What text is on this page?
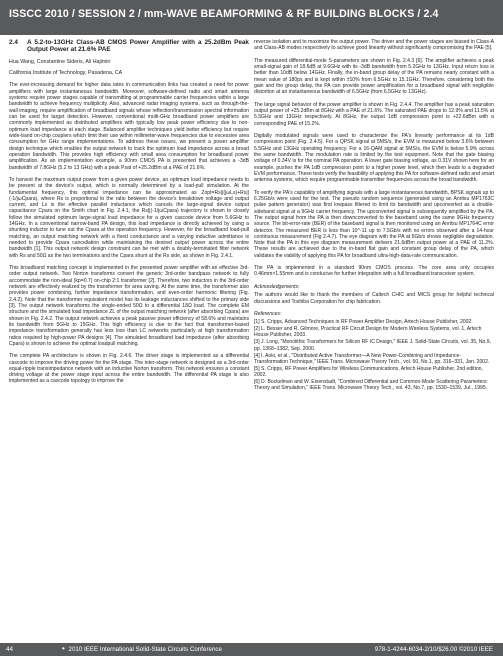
ISSCC 2010 / SESSION 2 / mm-WAVE BEAMFORMING & RF BUILDING BLOCKS / 2.4
2.4	A 5.2-to-13GHz Class-AB CMOS Power Amplifier with a 25.2dBm Peak Output Power at 21.6% PAE
Hua Wang, Constantine Sideris, Ali Hajimiri
California Institute of Technology, Pasadena, CA

The ever-increasing demand for higher data rates in communication links has created a need for power amplifiers with large instantaneous bandwidth. Moreover, software-defined radio and smart antenna systems require power stages capable of transmitting at programmable carrier frequencies within a large bandwidth to achieve frequency multiplicity. Also, advanced radar imaging systems, such as through-the-wall imaging, require amplification of broadband signals whose reflection/transmission spectral information can be used for target detection. However, conventional multi-GHz broadband power amplifiers are commonly implemented as distributed amplifiers with typically low peak power efficiency due to non-optimum load impedance at each stage. Balanced amplifier techniques yield better efficiency but require wide-band on-chip couplers which limit their use within millimeter-wave frequencies due to excessive area consumption for GHz range implementations. To address these issues, we present a power amplifier design technique which enables the output network to track the optimum load impedance across a broad operation bandwidth. This provides high efficiency with small area consumption for broadband power amplification. As an implementation example, a 90nm CMOS PA is presented that achieves a -3dB bandwidth of 7.8GHz (5.2 to 13 GHz) with a peak Psat of +25.2dBm at a PAE of 21.6%.

To harvest the maximum output power from a given power device, an optimum load impedance needs to be present at the device's output, which is normally determined by a load-pull simulation. At the fundamental frequency, this optimal impedance can be approximated as Zopt=Rs||(jωLs)+Rs||(-1/jωCpara), where Rs is proportional to the ratio between the device's breakdown voltage and output current, and Ls is the effective parallel inductance which cancels the large-signal device output capacitance Cpara on the Smith chart in Fig. 2.4.1, the Rs||(-1/jωCpara) trajectory is shown to closely follow the simulated optimum large-signal load impedance for a given cascode device from 5.6GHz to 14GHz. In a conventional narrow-band PA design, this load impedance is directly achieved by using a shunting inductor to tune out the Cpara at the operation frequency. However, for the broadband load-pull matching, an output matching network with a fixed conductance and a varying inductive admittance is needed to provide Cpara cancellation while maintaining the desired output power across the entire bandwidth [1]. This output network design constraint can be met with a doubly-terminated filter network with Rs and 50Ω as the two terminations and the Cpara shunt at the Rs side, as shown in Fig. 2.4.1.

This broadband matching concept is implemented in the presented power amplifier with an effective 3rd-order output network. Two Norton transforms convert the generic 3rd-order bandpass network to fully accommodate the non-ideal (kp=0.7) on-chip 2:1 transformer [2]. Therefore, two inductors in the 3rd-order network are effectively realized by the transformer for area saving. At the same time, the transformer also provides power combining, further impedance transformation, and even-order harmonic filtering (Fig. 2.4.2). Note that the transformer equivalent model has its leakage inductances shifted to the primary side [3]. The output network transforms the single-ended 50Ω to a differential 18Ω load. The complete EM structure and the simulated load impedance ZL of the output matching network (after absorbing Cpara) are shown in Fig. 2.4.2. The output network achieves a peak passive power efficiency of 58.6% and maintains its bandwidth from 5GHz to 15GHz. This high efficiency is due to the fact that transformer-based impedance transformation generally has less loss than LC networks particularly at high transformation ratios required by high-power PA designs [4]. The simulated broadband load impedance (after absorbing Cpara) is shown to achieve the optimal loadpull matching.

The complete PA architecture is shown in Fig. 2.4.6. The driver stage is implemented as a differential cascode to improve the driving power for the PA stage. The inter-stage network is designed as a 3rd-order equal-ripple transimpedance network with an inductive Norton transform. This network ensures a constant driving voltage at the power stage input across the entire bandwidth. The differential PA stage is also implemented as a cascode topology to improve the

reverse isolation and to maximize the output power. The driver and the power stages are biased in Class-A and Class-AB modes respectively to achieve good linearity without significantly compromising the PAE [5].

The measured differential-mode S-parameters are shown in Fig. 2.4.3 [6]. The amplifier achieves a peak small-signal gain of 18.6dB at 9.6GHz with its -3dB bandwidth from 5.2GHz to 13GHz. Input return loss is better than 10dB below 14GHz. Finally, the in-band group delay of the PA remains nearly constant with a mean value of 180ps and is kept within ±10% from 6.5GHz to 15.1GHz. Therefore, considering both the gain and the group delay, the PA can provide power amplification for a broadband signal with negligible distortion at an instantaneous bandwidth of 6.5GHz (from 6.5GHz to 13GHz).

The large signal behavior of the power amplifier is shown in Fig. 2.4.4. The amplifier has a peak saturation output power of +25.2dBm at 8GHz with a PAE of 21.6%. The saturated PAE drops to 12.9% and 11.5% at 5.5GHz and 13GHz respectively. At 8GHz, the output 1dB compression point is +22.6dBm with a corresponding PAE of 15.2%.

Digitally modulated signals were used to characterize the PA's linearity performance at its 1dB compression point (Fig. 2.4.5). For a QPSK signal at 5MS/s, the EVM is measured below 3.6% between 5.5GHz and 13GHz operating frequency. For a 16-QAM signal at 5MS/s, the EVM is below 5.9% across the same bandwidth. The modulation rate is limited by the test equipment. Note that the gate biasing voltage of 0.34V is for the nominal PA operation. A lower gate biasing voltage, as 0.31V shown here for an example, pushes the PA 1dB compression point to a higher power level, which then leads to a degraded EVM performance. These tests verify the feasibility of applying this PA for software-defined radio and smart antenna systems, which require programmable transmitter frequencies across the broad bandwidth.

To verify the PA's capability of amplifying signals with a large instantaneous bandwidth, BPSK signals up to 6.25Gb/s were used for the test. The pseudo random sequence (generated using an Anritsu MP1763C pulse pattern generator) was first lowpass filtered to limit its bandwidth and upconverted as a double-sideband signal at a 9GHz carrier frequency. The upconverted signal is subsequently amplified by the PA. The output signal from the PA is then downconverted to the baseband using the same 9GHz frequency source. The bit-error-rate (BER) of the baseband signal is then monitored using an Anritsu MP1764C error detector. The measured BER is less than 10^-11 up to 7.5Gb/s with no errors observed after a 14-hour continuous measurement (Fig 2.4.7). The eye diagram with the PA at 5Gb/s shows negligible degradation. Note that the PA in this eye diagram measurement delivers 21.6dBm output power at a PAE of 11.2%. These results are achieved due to the in-band flat gain and constant group delay of the PA, which validates the viability of applying this PA for broadband ultra-high-data-rate communication.

The PA is implemented in a standard 90nm CMOS process. The core area only occupies 0.46mm×1.55mm and is conducive for further integration with a full broadband transceiver system.

Acknowledgements:

The authors would like to thank the members of Caltech CHIC and MICS group for helpful technical discussions and Toshiba Corporation for chip fabrication.

References:
[1] S. Cripps, Advanced Techniques in RF Power Amplifier Design, Artech House Publisher, 2002.
[2] L. Besser and R. Gilmore, Practical RF Circuit Design for Modern Wireless Systems, vol. 1, Artech House Publisher, 2003.
[3] J. Long, "Monolithic Transformers for Silicon RF IC Design," IEEE J. Solid-State Circuits, vol. 35, No.9, pp. 1368–1382, Sep. 2000.
[4] I. Aoki, et al., "Distributed Active Transformer—A New Power-Combining and Impedance-Transformation Technique," IEEE Trans. Microwave Theory Tech., vol. 50, No.1, pp. 316–331, Jan. 2002.
[5] S. Cripps, RF Power Amplifiers for Wireless Communications, Artech House Publisher, 2nd edition, 2002.
[6] D. Bockelman and W. Eisenstadt, "Combined Differential and Common-Mode Scattering Parameters: Theory and Simulation," IEEE Trans. Microwave Theory Tech., vol. 43, No.7, pp. 1530–1539, Jul., 1995.
44	• 2010 IEEE International Solid-State Circuits Conference	978-1-4244-6034-2/10/$26.00 ©2010 IEEE
